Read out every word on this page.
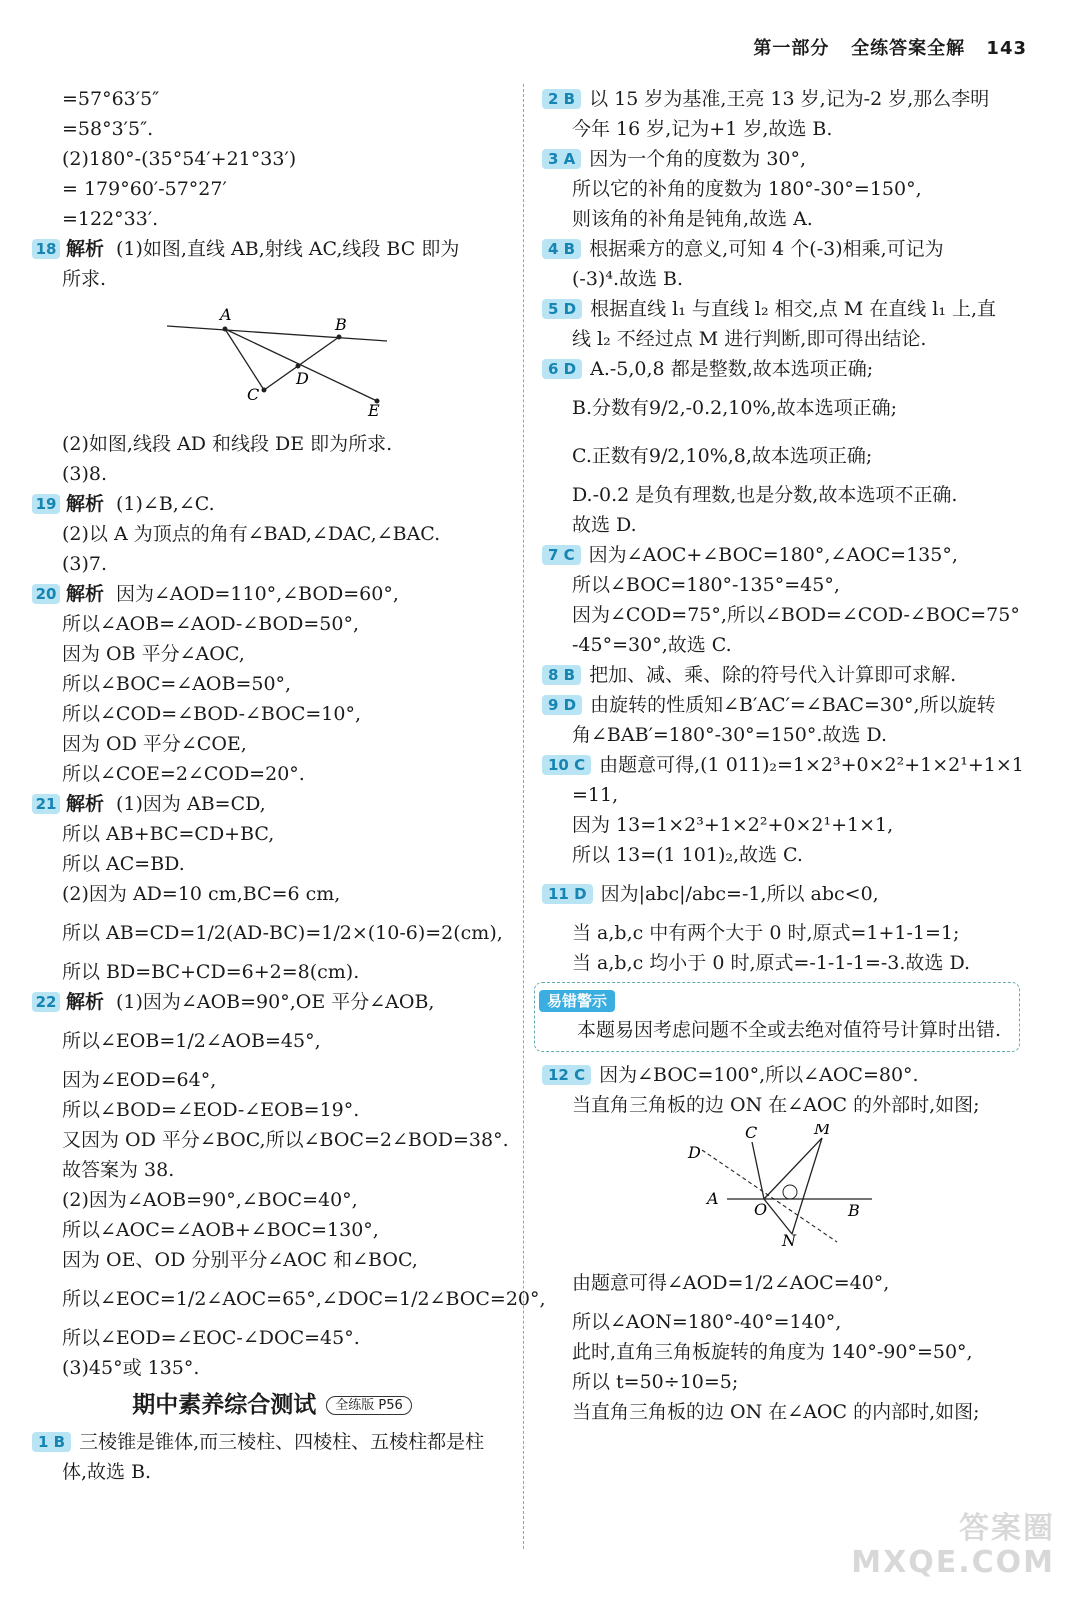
第一部分 全练答案全解 143
=57°63′5″
=58°3′5″.
(2)180°-(35°54′+21°33′)
= 179°60′-57°27′
=122°33′.
18 解析 (1)如图,直线 AB,射线 AC,线段 BC 即为
所求.
A
B
C
D
E
(2)如图,线段 AD 和线段 DE 即为所求.
(3)8.
19 解析 (1)∠B,∠C.
(2)以 A 为顶点的角有∠BAD,∠DAC,∠BAC.
(3)7.
20 解析 因为∠AOD=110°,∠BOD=60°,
所以∠AOB=∠AOD-∠BOD=50°,
因为 OB 平分∠AOC,
所以∠BOC=∠AOB=50°,
所以∠COD=∠BOD-∠BOC=10°,
因为 OD 平分∠COE,
所以∠COE=2∠COD=20°.
21 解析 (1)因为 AB=CD,
所以 AB+BC=CD+BC,
所以 AC=BD.
(2)因为 AD=10 cm,BC=6 cm,
所以 AB=CD=1/2(AD-BC)=1/2×(10-6)=2(cm),
所以 BD=BC+CD=6+2=8(cm).
22 解析 (1)因为∠AOB=90°,OE 平分∠AOB,
所以∠EOB=1/2∠AOB=45°,
因为∠EOD=64°,
所以∠BOD=∠EOD-∠EOB=19°.
又因为 OD 平分∠BOC,所以∠BOC=2∠BOD=38°.
故答案为 38.
(2)因为∠AOB=90°,∠BOC=40°,
所以∠AOC=∠AOB+∠BOC=130°,
因为 OE、OD 分别平分∠AOC 和∠BOC,
所以∠EOC=1/2∠AOC=65°,∠DOC=1/2∠BOC=20°,
所以∠EOD=∠EOC-∠DOC=45°.
(3)45°或 135°.
期中素养综合测试 全练版 P56
1 B 三棱锥是锥体,而三棱柱、四棱柱、五棱柱都是柱
体,故选 B.
2 B 以 15 岁为基准,王亮 13 岁,记为-2 岁,那么李明
今年 16 岁,记为+1 岁,故选 B.
3 A 因为一个角的度数为 30°,
所以它的补角的度数为 180°-30°=150°,
则该角的补角是钝角,故选 A.
4 B 根据乘方的意义,可知 4 个(-3)相乘,可记为
(-3)⁴.故选 B.
5 D 根据直线 l₁ 与直线 l₂ 相交,点 M 在直线 l₁ 上,直
线 l₂ 不经过点 M 进行判断,即可得出结论.
6 D A.-5,0,8 都是整数,故本选项正确;
B.分数有9/2,-0.2,10%,故本选项正确;
C.正数有9/2,10%,8,故本选项正确;
D.-0.2 是负有理数,也是分数,故本选项不正确.
故选 D.
7 C 因为∠AOC+∠BOC=180°,∠AOC=135°,
所以∠BOC=180°-135°=45°,
因为∠COD=75°,所以∠BOD=∠COD-∠BOC=75°
-45°=30°,故选 C.
8 B 把加、减、乘、除的符号代入计算即可求解.
9 D 由旋转的性质知∠B′AC′=∠BAC=30°,所以旋转
角∠BAB′=180°-30°=150°.故选 D.
10 C 由题意可得,(1 011)₂=1×2³+0×2²+1×2¹+1×1
=11,
因为 13=1×2³+1×2²+0×2¹+1×1,
所以 13=(1 101)₂,故选 C.
11 D 因为|abc|/abc=-1,所以 abc<0,
当 a,b,c 中有两个大于 0 时,原式=1+1-1=1;
当 a,b,c 均小于 0 时,原式=-1-1-1=-3.故选 D.
易错警示
本题易因考虑问题不全或去绝对值符号计算时出错.
12 C 因为∠BOC=100°,所以∠AOC=80°.
当直角三角板的边 ON 在∠AOC 的外部时,如图;
C	M
D
A
O	B
N
由题意可得∠AOD=1/2∠AOC=40°,
所以∠AON=180°-40°=140°,
此时,直角三角板旋转的角度为 140°-90°=50°,
所以 t=50÷10=5;
当直角三角板的边 ON 在∠AOC 的内部时,如图;
答案圈
MXQE.COM
